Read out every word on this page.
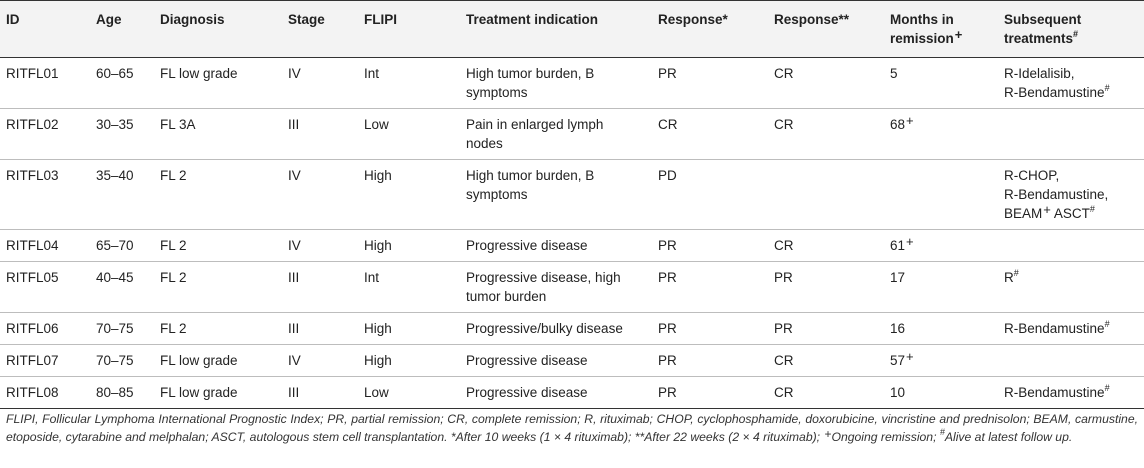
ID	Age	Diagnosis	Stage	FLIPI	Treatment indication	Response*	Response**	Months in
remission+	Subsequent
treatments#
RITFL01	60–65	FL low grade	IV	Int	High tumor burden, B
symptoms	PR	CR	5	R-Idelalisib,
R-Bendamustine#
RITFL02	30–35	FL 3A	III	Low	Pain in enlarged lymph
nodes	CR	CR	68+	
RITFL03	35–40	FL 2	IV	High	High tumor burden, B
symptoms	PD			R-CHOP,
R-Bendamustine,
BEAM+ ASCT#
RITFL04	65–70	FL 2	IV	High	Progressive disease	PR	CR	61+	
RITFL05	40–45	FL 2	III	Int	Progressive disease, high
tumor burden	PR	PR	17	R#
RITFL06	70–75	FL 2	III	High	Progressive/bulky disease	PR	PR	16	R-Bendamustine#
RITFL07	70–75	FL low grade	IV	High	Progressive disease	PR	CR	57+	
RITFL08	80–85	FL low grade	III	Low	Progressive disease	PR	CR	10	R-Bendamustine#
FLIPI, Follicular Lymphoma International Prognostic Index; PR, partial remission; CR, complete remission; R, rituximab; CHOP, cyclophosphamide, doxorubicine, vincristine and prednisolon; BEAM, carmustine, etoposide, cytarabine and melphalan; ASCT, autologous stem cell transplantation. *After 10 weeks (1 × 4 rituximab); **After 22 weeks (2 × 4 rituximab); +Ongoing remission; #Alive at latest follow up.
